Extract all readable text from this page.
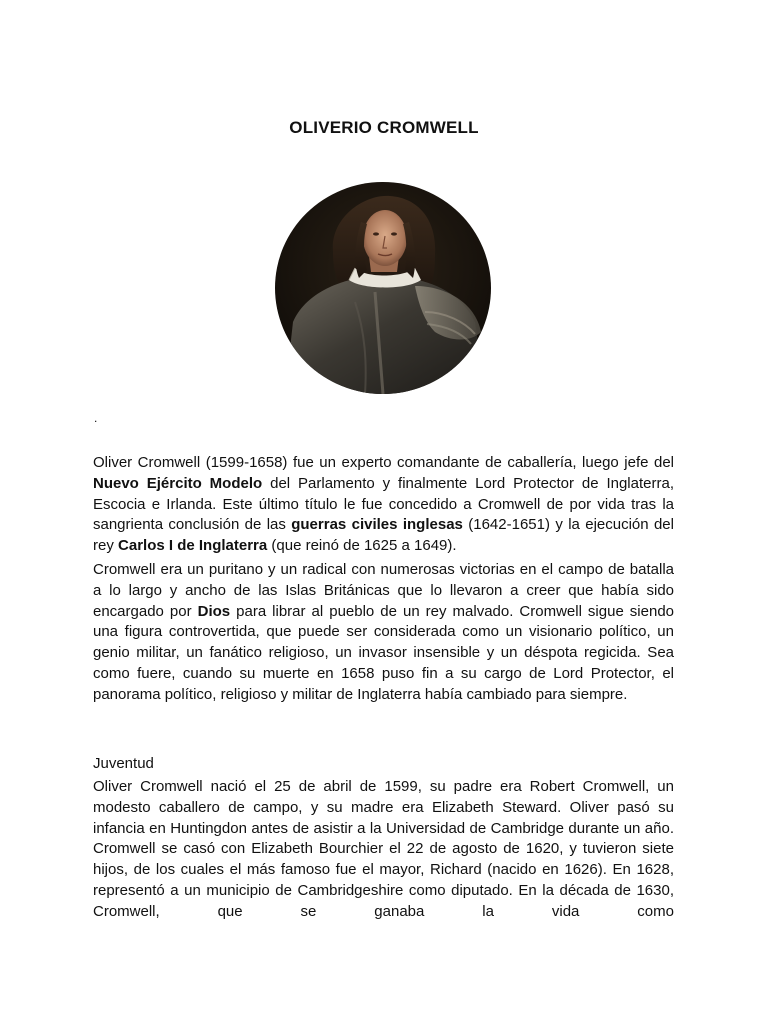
OLIVERIO CROMWELL
.

Oliver Cromwell (1599-1658) fue un experto comandante de caballería, luego jefe del Nuevo Ejército Modelo del Parlamento y finalmente Lord Protector de Inglaterra, Escocia e Irlanda. Este último título le fue concedido a Cromwell de por vida tras la sangrienta conclusión de las guerras civiles inglesas (1642-1651) y la ejecución del rey Carlos I de Inglaterra (que reinó de 1625 a 1649).

Cromwell era un puritano y un radical con numerosas victorias en el campo de batalla a lo largo y ancho de las Islas Británicas que lo llevaron a creer que había sido encargado por Dios para librar al pueblo de un rey malvado. Cromwell sigue siendo una figura controvertida, que puede ser considerada como un visionario político, un genio militar, un fanático religioso, un invasor insensible y un déspota regicida. Sea como fuere, cuando su muerte en 1658 puso fin a su cargo de Lord Protector, el panorama político, religioso y militar de Inglaterra había cambiado para siempre.

Juventud

Oliver Cromwell nació el 25 de abril de 1599, su padre era Robert Cromwell, un modesto caballero de campo, y su madre era Elizabeth Steward. Oliver pasó su infancia en Huntingdon antes de asistir a la Universidad de Cambridge durante un año. Cromwell se casó con Elizabeth Bourchier el 22 de agosto de 1620, y tuvieron siete hijos, de los cuales el más famoso fue el mayor, Richard (nacido en 1626). En 1628, representó a un municipio de Cambridgeshire como diputado. En la década de 1630, Cromwell, que se ganaba la vida como
